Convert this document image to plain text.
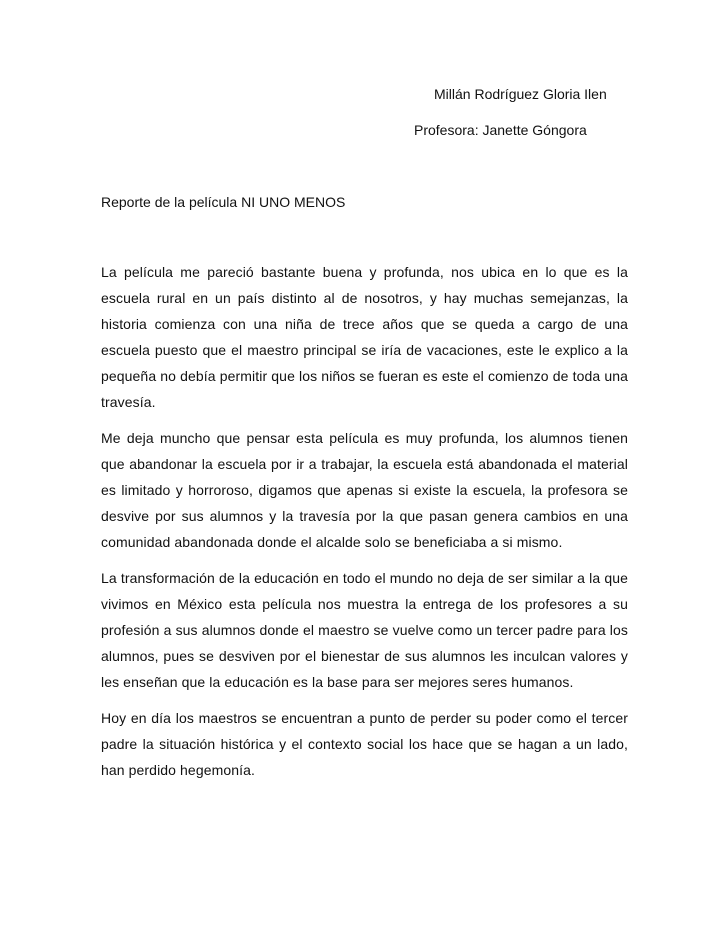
Millán Rodríguez Gloria Ilen
Profesora: Janette Góngora
Reporte de la película NI UNO MENOS

La película me pareció bastante buena y profunda, nos ubica en lo que es la escuela rural en un país distinto al de nosotros, y hay muchas semejanzas, la historia comienza con una niña de trece años que se queda a cargo de una escuela puesto que el maestro principal se iría de vacaciones, este le explico a la pequeña no debía permitir que los niños se fueran es este el comienzo de toda una travesía.

Me deja muncho que pensar esta película es muy profunda, los alumnos tienen que abandonar la escuela por ir a trabajar, la escuela está abandonada el material es limitado y horroroso, digamos que apenas si existe la escuela, la profesora se desvive por sus alumnos y la travesía por la que pasan genera cambios en una comunidad abandonada donde el alcalde solo se beneficiaba a si mismo.

La transformación de la educación en todo el mundo no deja de ser similar a la que vivimos en México esta película nos muestra la entrega de los profesores a su profesión a sus alumnos donde el maestro se vuelve como un tercer padre para los alumnos, pues se desviven por el bienestar de sus alumnos les inculcan valores y les enseñan que la educación es la base para ser mejores seres humanos.

Hoy en día los maestros se encuentran a punto de perder su poder como el tercer padre la situación histórica y el contexto social los hace que se hagan a un lado, han perdido hegemonía.
